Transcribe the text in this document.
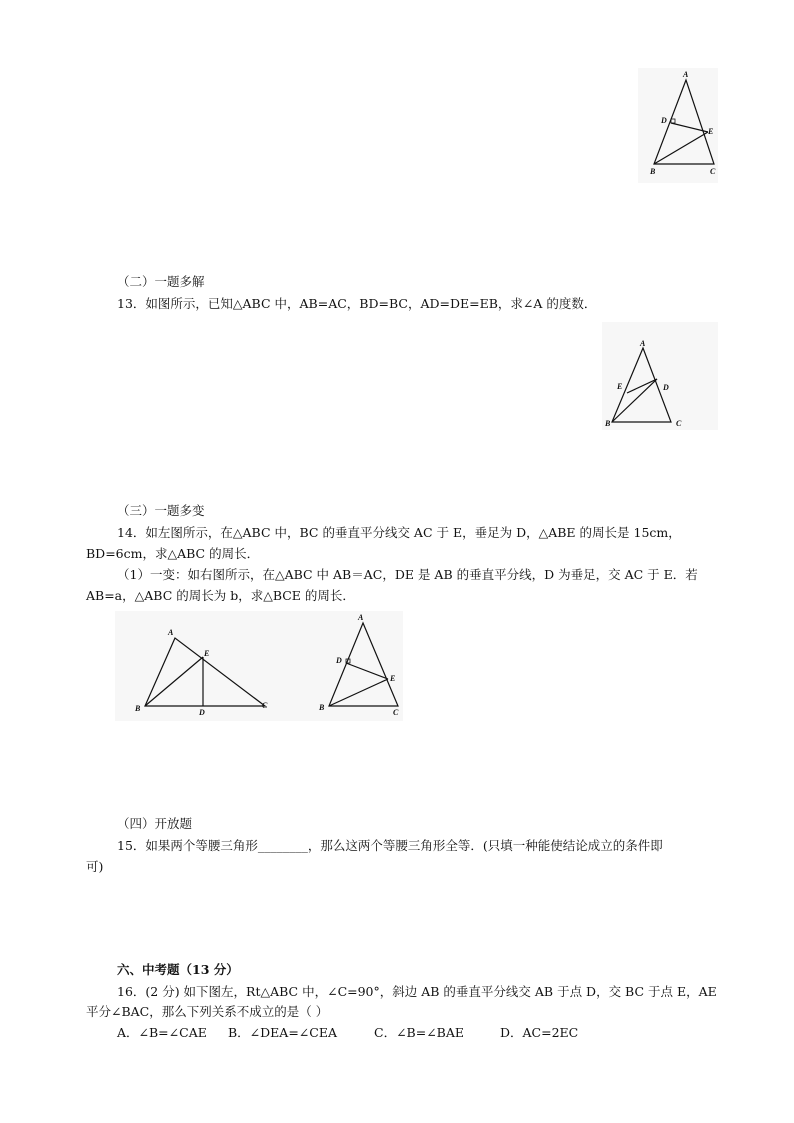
A
D
E
B	C
（二）一题多解
13．如图所示，已知△ABC 中，AB=AC，BD=BC，AD=DE=EB，求∠A 的度数．
A
E	D
B	C
（三）一题多变
14．如左图所示，在△ABC 中，BC 的垂直平分线交 AC 于 E，垂足为 D，△ABE 的周长是 15cm，
BD=6cm，求△ABC 的周长．
（1）一变：如右图所示，在△ABC 中 AB＝AC，DE 是 AB 的垂直平分线，D 为垂足，交 AC 于 E．若
AB=a，△ABC 的周长为 b，求△BCE 的周长．
A
E
B	D
C
A
D
E
B
C
（四）开放题
15．如果两个等腰三角形________，那么这两个等腰三角形全等．(只填一种能使结论成立的条件即
可)
六、中考题（13 分）
16．(2 分) 如下图左，Rt△ABC 中，∠C=90°，斜边 AB 的垂直平分线交 AB 于点 D，交 BC 于点 E，AE
平分∠BAC，那么下列关系不成立的是（ ）
A．∠B=∠CAE B．∠DEA=∠CEA	C．∠B=∠BAE	D．AC=2EC
